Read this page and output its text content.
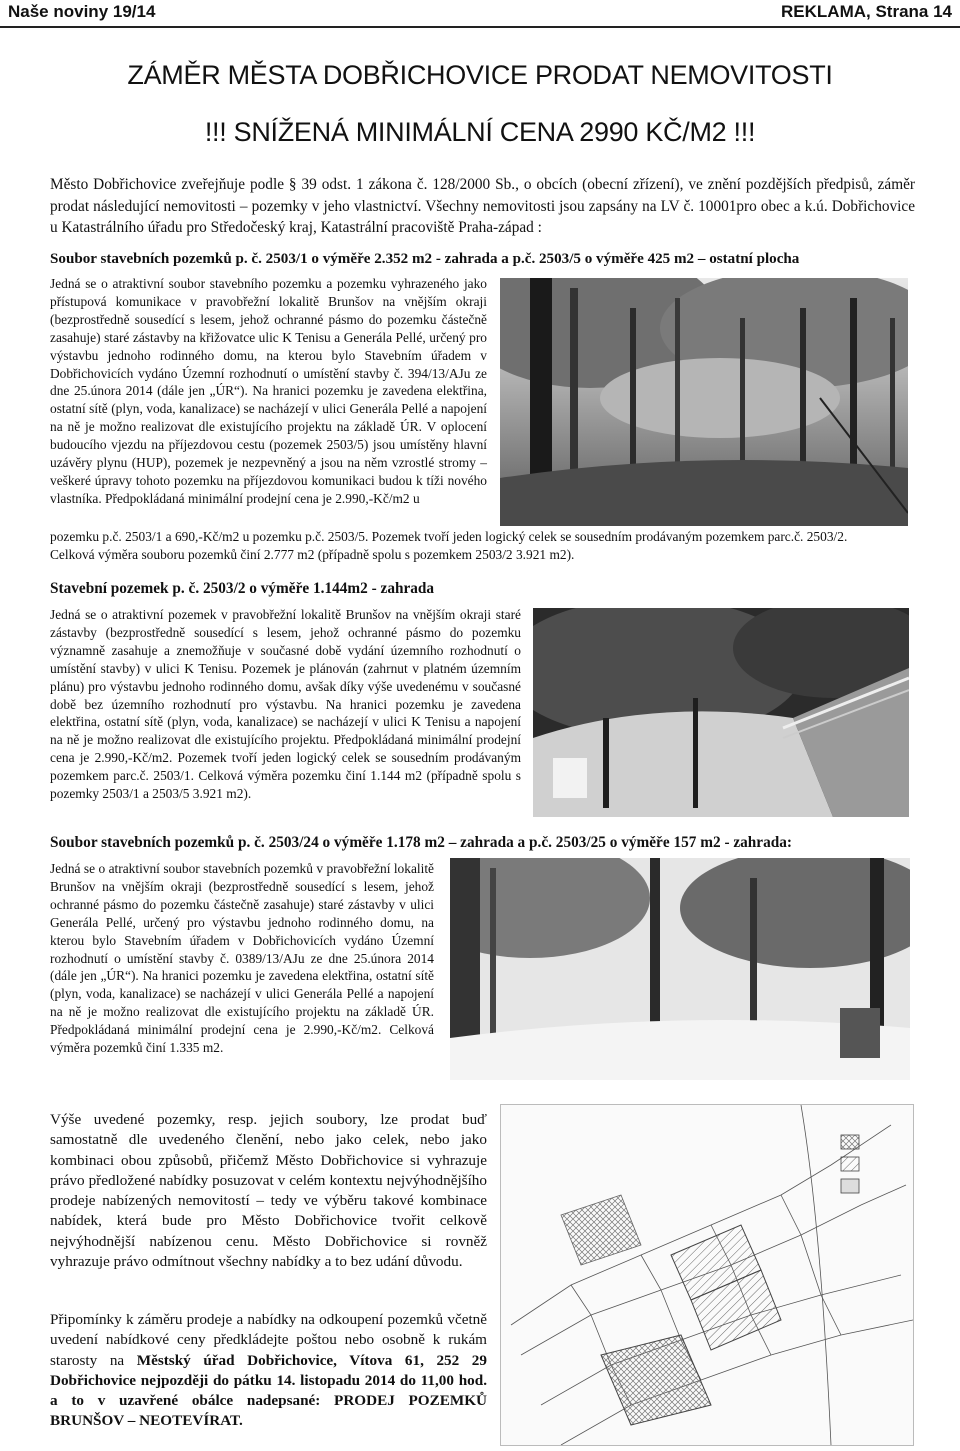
Naše noviny 19/14	REKLAMA, Strana 14
ZÁMĚR MĚSTA DOBŘICHOVICE PRODAT NEMOVITOSTI
!!! SNÍŽENÁ MINIMÁLNÍ CENA 2990 KČ/M2 !!!
Město Dobřichovice zveřejňuje podle § 39 odst. 1 zákona č. 128/2000 Sb., o obcích (obecní zřízení), ve znění pozdějších předpisů, záměr prodat následující nemovitosti – pozemky v jeho vlastnictví. Všechny nemovitosti jsou zapsány na LV č. 10001pro obec a k.ú. Dobřichovice u Katastrálního úřadu pro Středočeský kraj, Katastrální pracoviště Praha-západ :
Soubor stavebních pozemků p. č. 2503/1 o výměře 2.352 m2 - zahrada a p.č. 2503/5 o výměře 425 m2 – ostatní plocha
Jedná se o atraktivní soubor stavebního pozemku a pozemku vyhrazeného jako přístupová komunikace v pravobřežní lokalitě Brunšov na vnějším okraji (bezprostředně sousedící s lesem, jehož ochranné pásmo do pozemku částečně zasahuje) staré zástavby na křižovatce ulic K Tenisu a Generála Pellé, určený pro výstavbu jednoho rodinného domu, na kterou bylo Stavebním úřadem v Dobřichovicích vydáno Územní rozhodnutí o umístění stavby č. 394/13/AJu ze dne 25.února 2014 (dále jen „ÚR“). Na hranici pozemku je zavedena elektřina, ostatní sítě (plyn, voda, kanalizace) se nacházejí v ulici Generála Pellé a napojení na ně je možno realizovat dle existujícího projektu na základě ÚR. V oplocení budoucího vjezdu na příjezdovou cestu (pozemek 2503/5) jsou umístěny hlavní uzávěry plynu (HUP), pozemek je nezpevněný a jsou na něm vzrostlé stromy – veškeré úpravy tohoto pozemku na příjezdovou komunikaci budou k tíži nového vlastníka. Předpokládaná minimální prodejní cena je 2.990,-Kč/m2 u
pozemku p.č. 2503/1 a 690,-Kč/m2 u pozemku p.č. 2503/5. Pozemek tvoří jeden logický celek se sousedním prodávaným pozemkem parc.č. 2503/2.
Celková výměra souboru pozemků činí 2.777 m2 (případně spolu s pozemkem 2503/2 3.921 m2).
Stavební pozemek p. č. 2503/2 o výměře 1.144m2 - zahrada
Jedná se o atraktivní pozemek v pravobřežní lokalitě Brunšov na vnějším okraji staré zástavby (bezprostředně sousedící s lesem, jehož ochranné pásmo do pozemku významně zasahuje a znemožňuje v současné době vydání územního rozhodnutí o umístění stavby) v ulici K Tenisu. Pozemek je plánován (zahrnut v platném územním plánu) pro výstavbu jednoho rodinného domu, avšak díky výše uvedenému v současné době bez územního rozhodnutí pro výstavbu. Na hranici pozemku je zavedena elektřina, ostatní sítě (plyn, voda, kanalizace) se nacházejí v ulici K Tenisu a napojení na ně je možno realizovat dle existujícího projektu. Předpokládaná minimální prodejní cena je 2.990,-Kč/m2. Pozemek tvoří jeden logický celek se sousedním prodávaným pozemkem parc.č. 2503/1. Celková výměra pozemku činí 1.144 m2 (případně spolu s pozemky 2503/1 a 2503/5 3.921 m2).
Soubor stavebních pozemků p. č. 2503/24 o výměře 1.178 m2 – zahrada a p.č. 2503/25 o výměře 157 m2 - zahrada:
Jedná se o atraktivní soubor stavebních pozemků v pravobřežní lokalitě Brunšov na vnějším okraji (bezprostředně sousedící s lesem, jehož ochranné pásmo do pozemku částečně zasahuje) staré zástavby v ulici Generála Pellé, určený pro výstavbu jednoho rodinného domu, na kterou bylo Stavebním úřadem v Dobřichovicích vydáno Územní rozhodnutí o umístění stavby č. 0389/13/AJu ze dne 25.února 2014 (dále jen „ÚR“). Na hranici pozemku je zavedena elektřina, ostatní sítě (plyn, voda, kanalizace) se nacházejí v ulici Generála Pellé a napojení na ně je možno realizovat dle existujícího projektu na základě ÚR. Předpokládaná minimální prodejní cena je 2.990,-Kč/m2. Celková výměra pozemků činí 1.335 m2.
Výše uvedené pozemky, resp. jejich soubory, lze prodat buď samostatně dle uvedeného členění, nebo jako celek, nebo jako kombinaci obou způsobů, přičemž Město Dobřichovice si vyhrazuje právo předložené nabídky posuzovat v celém kontextu nejvýhodnějšího prodeje nabízených nemovitostí – tedy ve výběru takové kombinace nabídek, která bude pro Město Dobřichovice tvořit celkově nejvýhodnější nabízenou cenu. Město Dobřichovice si rovněž vyhrazuje právo odmítnout všechny nabídky a to bez udání důvodu.
Připomínky k záměru prodeje a nabídky na odkoupení pozemků včetně uvedení nabídkové ceny předkládejte poštou nebo osobně k rukám starosty na Městský úřad Dobřichovice, Vítova 61, 252 29 Dobřichovice nejpozději do pátku 14. listopadu 2014 do 11,00 hod. a to v uzavřené obálce nadepsané: PRODEJ POZEMKŮ BRUNŠOV – NEOTEVÍRAT.
